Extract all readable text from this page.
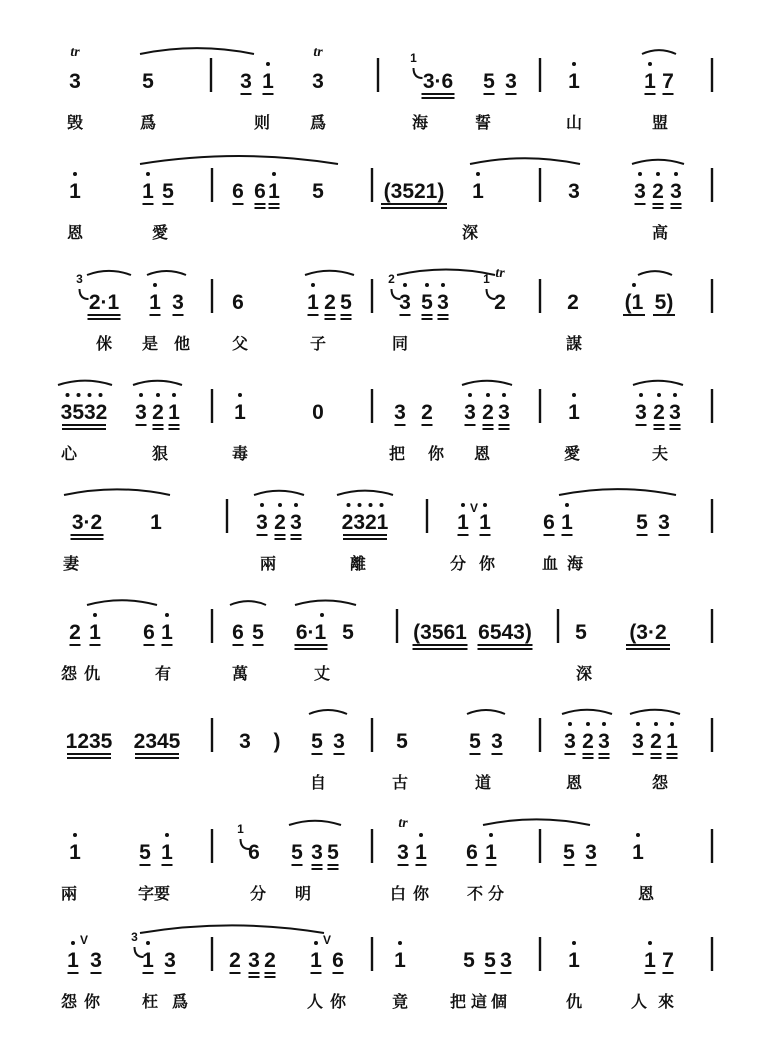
3
tr
5	3 1 3
tr
3·6
1
5 3 1	1 7
毁	爲	则 爲	海	誓	山	盟
1	1 5	6 6 1 5	(3521) 1	3	3 2 3
恩	愛	深	高
2·1
3
1 3 6	1 2 5 3
2
5 3 2
tr
1
2 (1 5)
侎 是 他	父	子	同	謀
3532 3 2 1	1	0	3 2 3 2 3	1	3 2 3
心	狠	毒	把 你 恩	愛	夫
3·2 1	3 2 3 2321	1 1 6 1	5 3
V
妻	兩	離	分 你	血 海
2 1 6 1	6 5 6·1 5	(3561 6543) 5 (3·2
怨 仇	有	萬	丈	深
1235 2345	3 ) 5 3 5	5 3	3 2 3 3 2 1
自	古	道	恩	怨
1	5 1	6
1
5 3 5	3
tr
1 6 1	5 3 1
兩	字要	分 明	白 你 不 分	恩
1 3 1
3
3	2 3 2 1 6 1	5 5 3	1	1 7
V	V
怨 你	枉 爲	人 你	竟	把 這 個	仇	人 來
